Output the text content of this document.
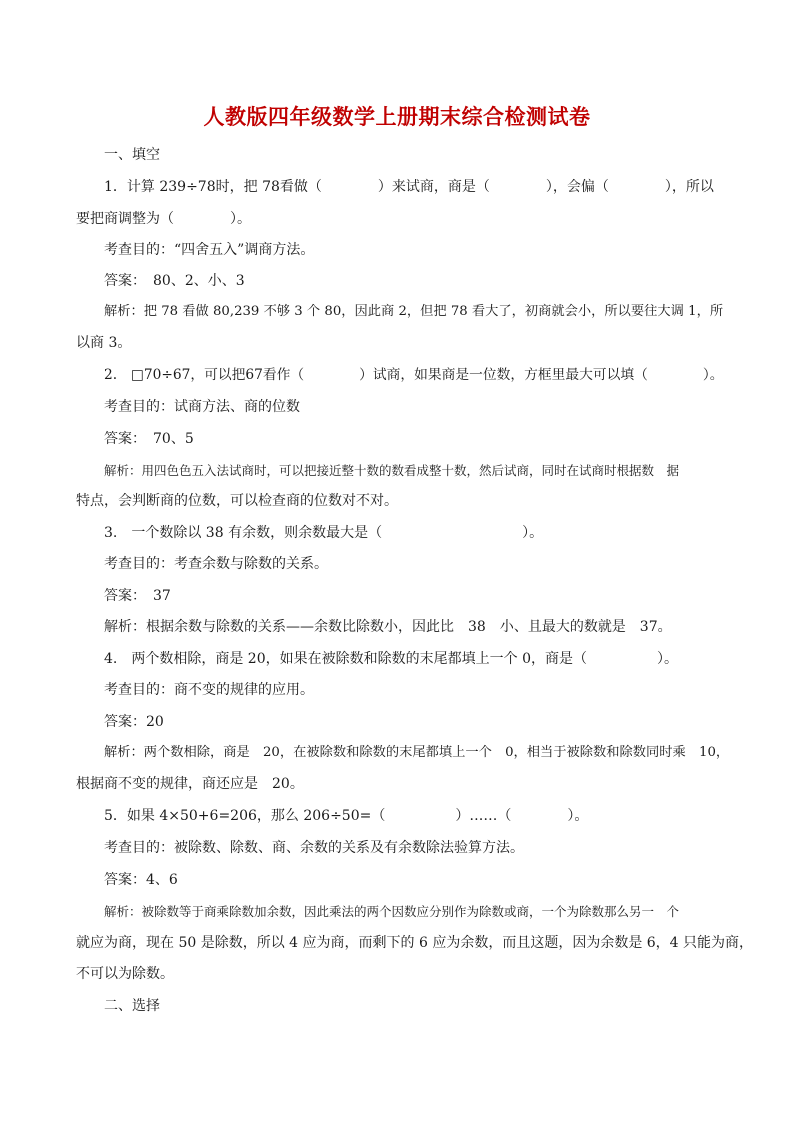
人教版四年级数学上册期末综合检测试卷
一、填空
1．计算 239÷78时，把 78看做（　　　　）来试商，商是（　　　　），会偏（　　　　），所以
要把商调整为（　　　　）。
考查目的：“四舍五入”调商方法。
答案：　80、2、小、3
解析：把 78 看做 80,239 不够 3 个 80，因此商 2，但把 78 看大了，初商就会小，所以要往大调 1，所
以商 3。
2.　□70÷67，可以把67看作（　　　　）试商，如果商是一位数，方框里最大可以填（　　　　）。
考查目的：试商方法、商的位数
答案：　70、5
解析：用四色色五入法试商时，可以把接近整十数的数看成整十数，然后试商，同时在试商时根据数　据
特点，会判断商的位数，可以检查商的位数对不对。
3.　一个数除以 38 有余数，则余数最大是（　　　　　　　　　　）。
考查目的：考查余数与除数的关系。
答案：　37
解析：根据余数与除数的关系——余数比除数小，因此比　38　小、且最大的数就是　37。
4.　两个数相除，商是 20，如果在被除数和除数的末尾都填上一个 0，商是（　　　　　）。
考查目的：商不变的规律的应用。
答案：20
解析：两个数相除，商是　20，在被除数和除数的末尾都填上一个　0，相当于被除数和除数同时乘　10，
根据商不变的规律，商还应是　20。
5．如果 4×50+6=206，那么 206÷50=（　　　　　）……（　　　　）。
考查目的：被除数、除数、商、余数的关系及有余数除法验算方法。
答案：4、6
解析：被除数等于商乘除数加余数，因此乘法的两个因数应分别作为除数或商，一个为除数那么另一　个
就应为商，现在 50 是除数，所以 4 应为商，而剩下的 6 应为余数，而且这题，因为余数是 6，4 只能为商，
不可以为除数。
二、选择
